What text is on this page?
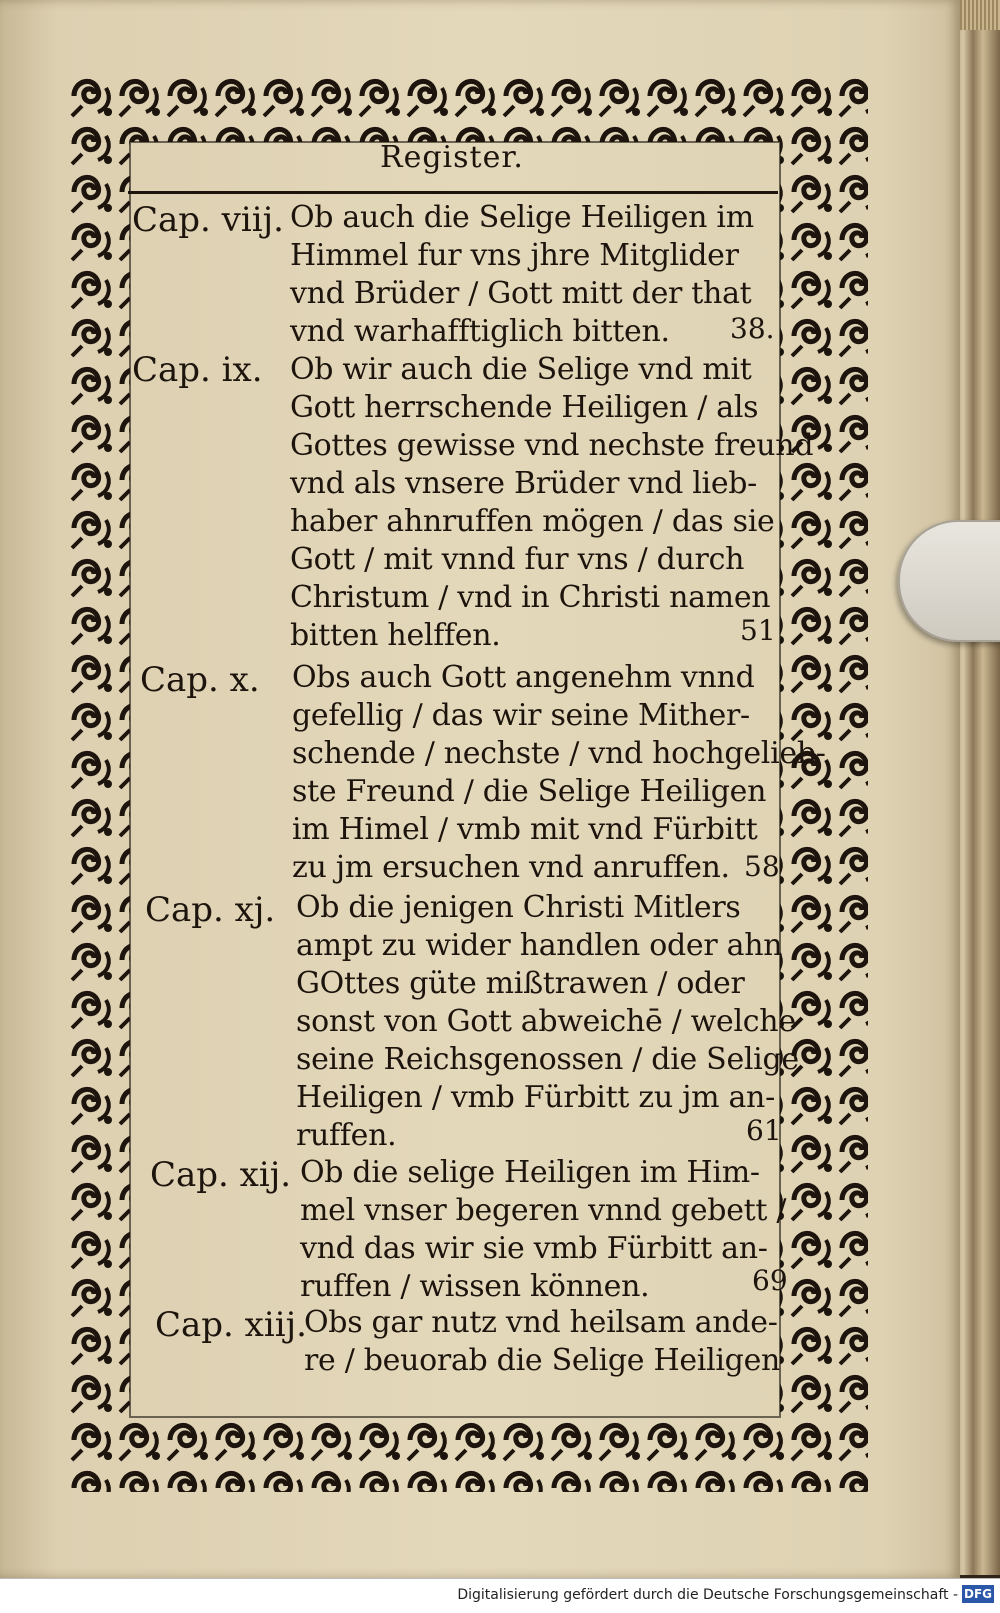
Register.
Cap. viij. Ob auch die Selige Heiligen im
Himmel fur vns jhre Mitglider
vnd Brüder / Gott mitt der that
vnd warhafftiglich bitten. 38.
Cap. ix. Ob wir auch die Selige vnd mit
Gott herrschende Heiligen / als
Gottes gewisse vnd nechste freund
vnd als vnsere Brüder vnd lieb-
haber ahnruffen mögen / das sie
Gott / mit vnnd fur vns / durch
Christum / vnd in Christi namen
bitten helffen.	51
Cap. x. Obs auch Gott angenehm vnnd
gefellig / das wir seine Mither-
schende / nechste / vnd hochgelieb-
ste Freund / die Selige Heiligen
im Himel / vmb mit vnd Fürbitt
zu jm ersuchen vnd anruffen. 58
Cap. xj. Ob die jenigen Christi Mitlers
ampt zu wider handlen oder ahn
GOttes güte mißtrawen / oder
sonst von Gott abweichē / welche
seine Reichsgenossen / die Selige
Heiligen / vmb Fürbitt zu jm an-
ruffen.	61
Cap. xij. Ob die selige Heiligen im Him-
mel vnser begeren vnnd gebett /
vnd das wir sie vmb Fürbitt an-
ruffen / wissen können.	69
Cap. xiij.
Obs gar nutz vnd heilsam ande-
re / beuorab die Selige Heiligen
Digitalisierung gefördert durch die Deutsche Forschungsgemeinschaft - DFG
